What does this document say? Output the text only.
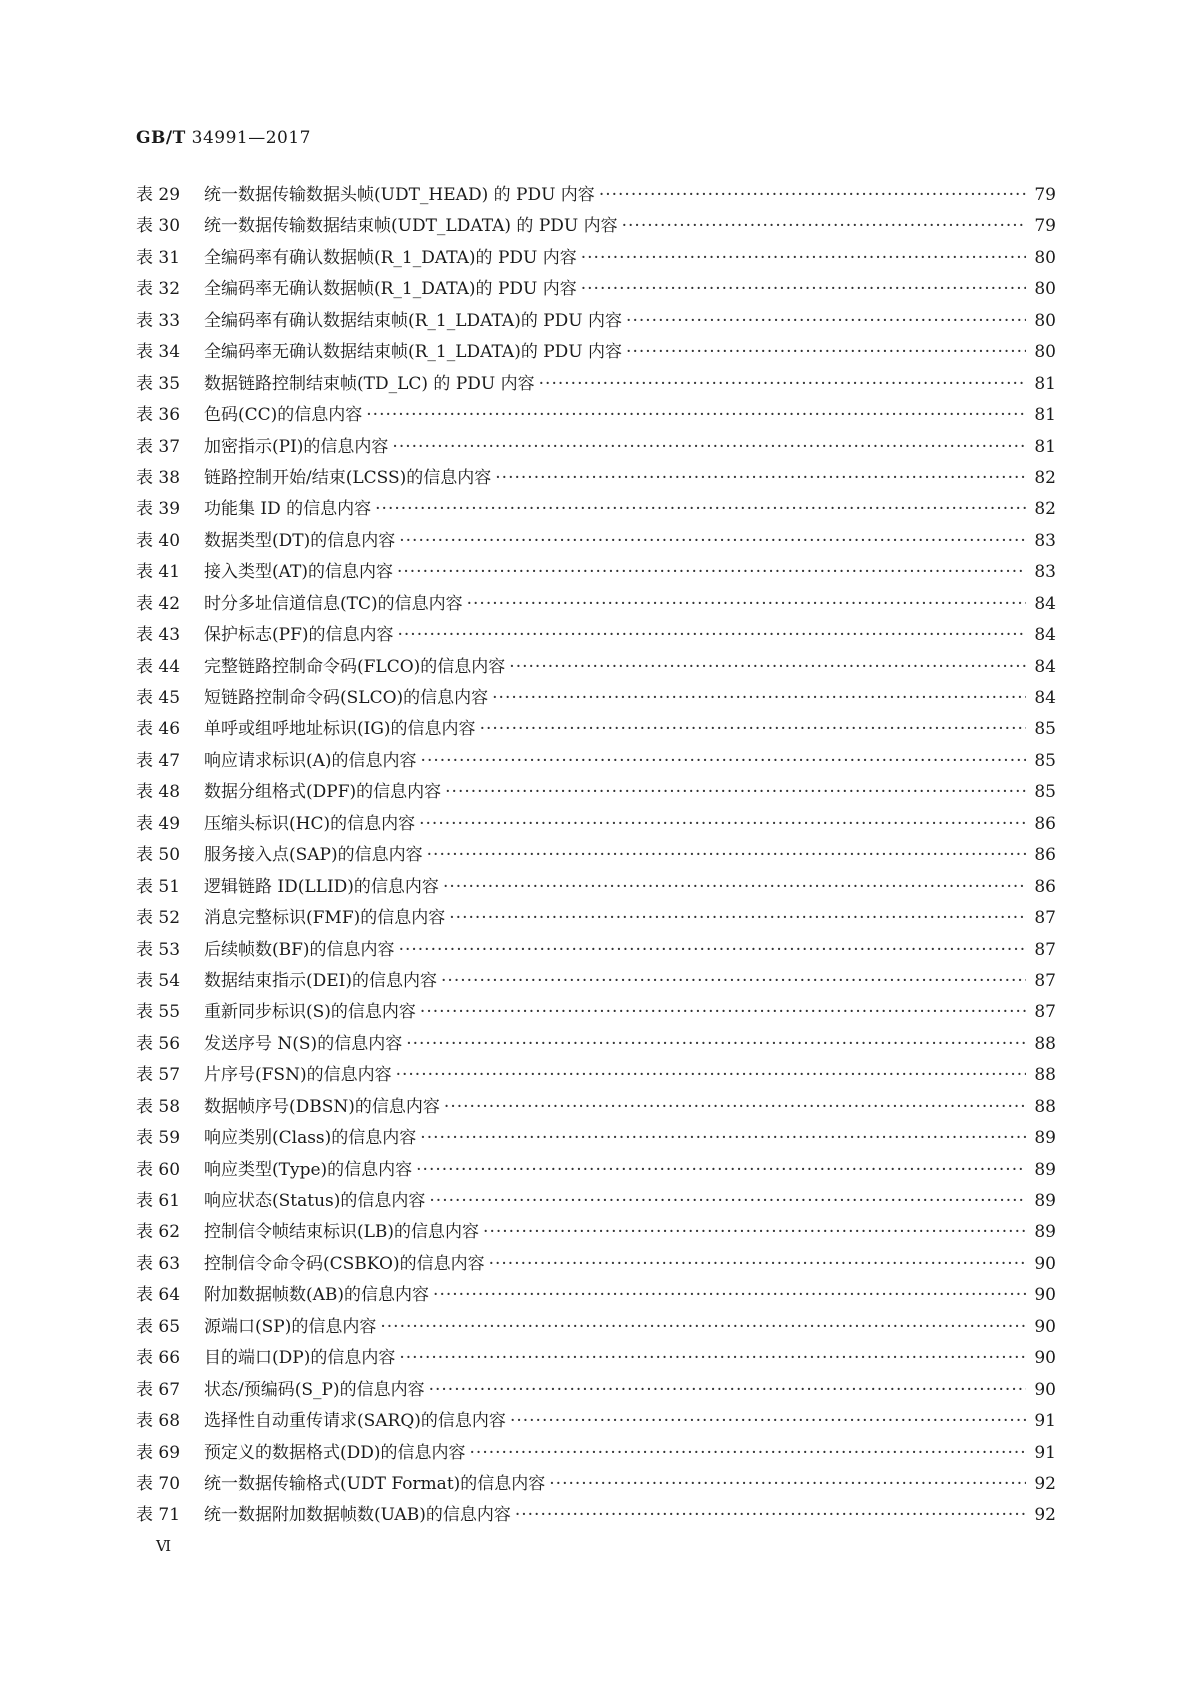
GB/T 34991—2017
表 29	统一数据传输数据头帧(UDT_HEAD) 的 PDU 内容 ·····	79
表 30	统一数据传输数据结束帧(UDT_LDATA) 的 PDU 内容 ·····	79
表 31	全编码率有确认数据帧(R_1_DATA)的 PDU 内容 ·····	80
表 32	全编码率无确认数据帧(R_1_DATA)的 PDU 内容 ·····	80
表 33	全编码率有确认数据结束帧(R_1_LDATA)的 PDU 内容 ·····	80
表 34	全编码率无确认数据结束帧(R_1_LDATA)的 PDU 内容 ·····	80
表 35	数据链路控制结束帧(TD_LC) 的 PDU 内容 ·····	81
表 36	色码(CC)的信息内容 ·····	81
表 37	加密指示(PI)的信息内容 ·····	81
表 38	链路控制开始/结束(LCSS)的信息内容 ·····	82
表 39	功能集 ID 的信息内容 ·····	82
表 40	数据类型(DT)的信息内容 ·····	83
表 41	接入类型(AT)的信息内容 ·····	83
表 42	时分多址信道信息(TC)的信息内容 ·····	84
表 43	保护标志(PF)的信息内容 ·····	84
表 44	完整链路控制命令码(FLCO)的信息内容 ·····	84
表 45	短链路控制命令码(SLCO)的信息内容 ·····	84
表 46	单呼或组呼地址标识(IG)的信息内容 ·····	85
表 47	响应请求标识(A)的信息内容 ·····	85
表 48	数据分组格式(DPF)的信息内容 ·····	85
表 49	压缩头标识(HC)的信息内容 ·····	86
表 50	服务接入点(SAP)的信息内容 ·····	86
表 51	逻辑链路 ID(LLID)的信息内容 ·····	86
表 52	消息完整标识(FMF)的信息内容 ·····	87
表 53	后续帧数(BF)的信息内容 ·····	87
表 54	数据结束指示(DEI)的信息内容 ·····	87
表 55	重新同步标识(S)的信息内容 ·····	87
表 56	发送序号 N(S)的信息内容 ·····	88
表 57	片序号(FSN)的信息内容 ·····	88
表 58	数据帧序号(DBSN)的信息内容 ·····	88
表 59	响应类别(Class)的信息内容 ·····	89
表 60	响应类型(Type)的信息内容 ·····	89
表 61	响应状态(Status)的信息内容 ·····	89
表 62	控制信令帧结束标识(LB)的信息内容 ·····	89
表 63	控制信令命令码(CSBKO)的信息内容 ·····	90
表 64	附加数据帧数(AB)的信息内容 ·····	90
表 65	源端口(SP)的信息内容 ·····	90
表 66	目的端口(DP)的信息内容 ·····	90
表 67	状态/预编码(S_P)的信息内容 ·····	90
表 68	选择性自动重传请求(SARQ)的信息内容 ·····	91
表 69	预定义的数据格式(DD)的信息内容 ·····	91
表 70	统一数据传输格式(UDT Format)的信息内容 ·····	92
表 71	统一数据附加数据帧数(UAB)的信息内容 ·····	92
Ⅵ
